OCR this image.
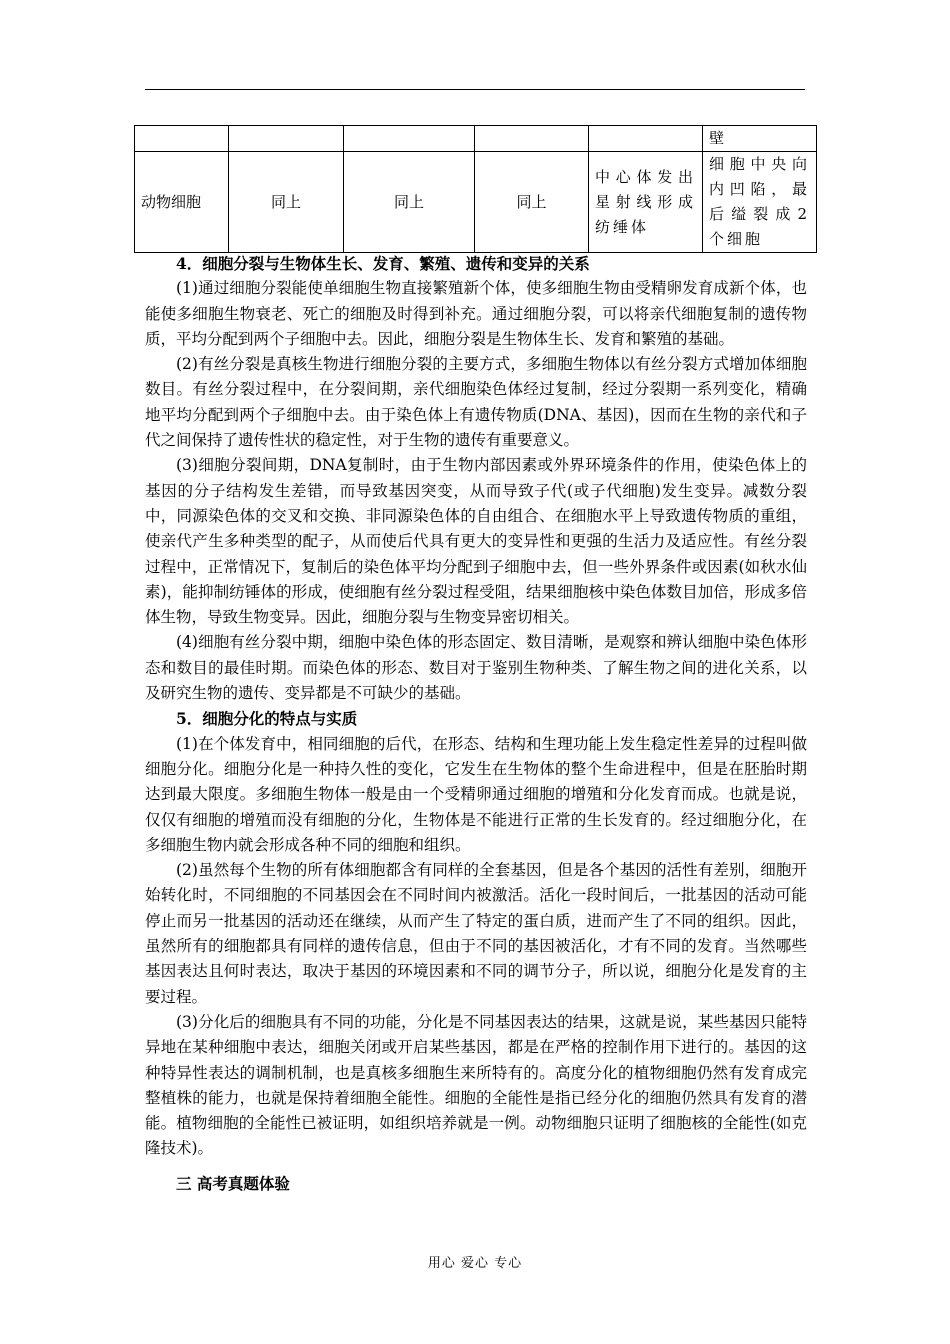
					壁
动物细胞	同上	同上	同上	中心体发出星射线形成纺缍体	细胞中央向内凹陷，最后缢裂成2个细胞
4．细胞分裂与生物体生长、发育、繁殖、遗传和变异的关系

(1)通过细胞分裂能使单细胞生物直接繁殖新个体，使多细胞生物由受精卵发育成新个体，也能使多细胞生物衰老、死亡的细胞及时得到补充。通过细胞分裂，可以将亲代细胞复制的遗传物质，平均分配到两个子细胞中去。因此，细胞分裂是生物体生长、发育和繁殖的基础。

(2)有丝分裂是真核生物进行细胞分裂的主要方式，多细胞生物体以有丝分裂方式增加体细胞数目。有丝分裂过程中，在分裂间期，亲代细胞染色体经过复制，经过分裂期一系列变化，精确地平均分配到两个子细胞中去。由于染色体上有遗传物质(DNA、基因)，因而在生物的亲代和子代之间保持了遗传性状的稳定性，对于生物的遗传有重要意义。

(3)细胞分裂间期，DNA复制时，由于生物内部因素或外界环境条件的作用，使染色体上的基因的分子结构发生差错，而导致基因突变，从而导致子代(或子代细胞)发生变异。减数分裂中，同源染色体的交叉和交换、非同源染色体的自由组合、在细胞水平上导致遗传物质的重组，使亲代产生多种类型的配子，从而使后代具有更大的变异性和更强的生活力及适应性。有丝分裂过程中，正常情况下，复制后的染色体平均分配到子细胞中去，但一些外界条件或因素(如秋水仙素)，能抑制纺锤体的形成，使细胞有丝分裂过程受阻，结果细胞核中染色体数目加倍，形成多倍体生物，导致生物变异。因此，细胞分裂与生物变异密切相关。

(4)细胞有丝分裂中期，细胞中染色体的形态固定、数目清晰，是观察和辨认细胞中染色体形态和数目的最佳时期。而染色体的形态、数目对于鉴别生物种类、了解生物之间的进化关系，以及研究生物的遗传、变异都是不可缺少的基础。

5．细胞分化的特点与实质

(1)在个体发育中，相同细胞的后代，在形态、结构和生理功能上发生稳定性差异的过程叫做细胞分化。细胞分化是一种持久性的变化，它发生在生物体的整个生命进程中，但是在胚胎时期达到最大限度。多细胞生物体一般是由一个受精卵通过细胞的增殖和分化发育而成。也就是说，仅仅有细胞的增殖而没有细胞的分化，生物体是不能进行正常的生长发育的。经过细胞分化，在多细胞生物内就会形成各种不同的细胞和组织。

(2)虽然每个生物的所有体细胞都含有同样的全套基因，但是各个基因的活性有差别，细胞开始转化时，不同细胞的不同基因会在不同时间内被激活。活化一段时间后，一批基因的活动可能停止而另一批基因的活动还在继续，从而产生了特定的蛋白质，进而产生了不同的组织。因此，虽然所有的细胞都具有同样的遗传信息，但由于不同的基因被活化，才有不同的发育。当然哪些基因表达且何时表达，取决于基因的环境因素和不同的调节分子，所以说，细胞分化是发育的主要过程。

(3)分化后的细胞具有不同的功能，分化是不同基因表达的结果，这就是说，某些基因只能特异地在某种细胞中表达，细胞关闭或开启某些基因，都是在严格的控制作用下进行的。基因的这种特异性表达的调制机制，也是真核多细胞生来所特有的。高度分化的植物细胞仍然有发育成完整植株的能力，也就是保持着细胞全能性。细胞的全能性是指已经分化的细胞仍然具有发育的潜能。植物细胞的全能性已被证明，如组织培养就是一例。动物细胞只证明了细胞核的全能性(如克隆技术)。

三 高考真题体验
用心 爱心 专心
